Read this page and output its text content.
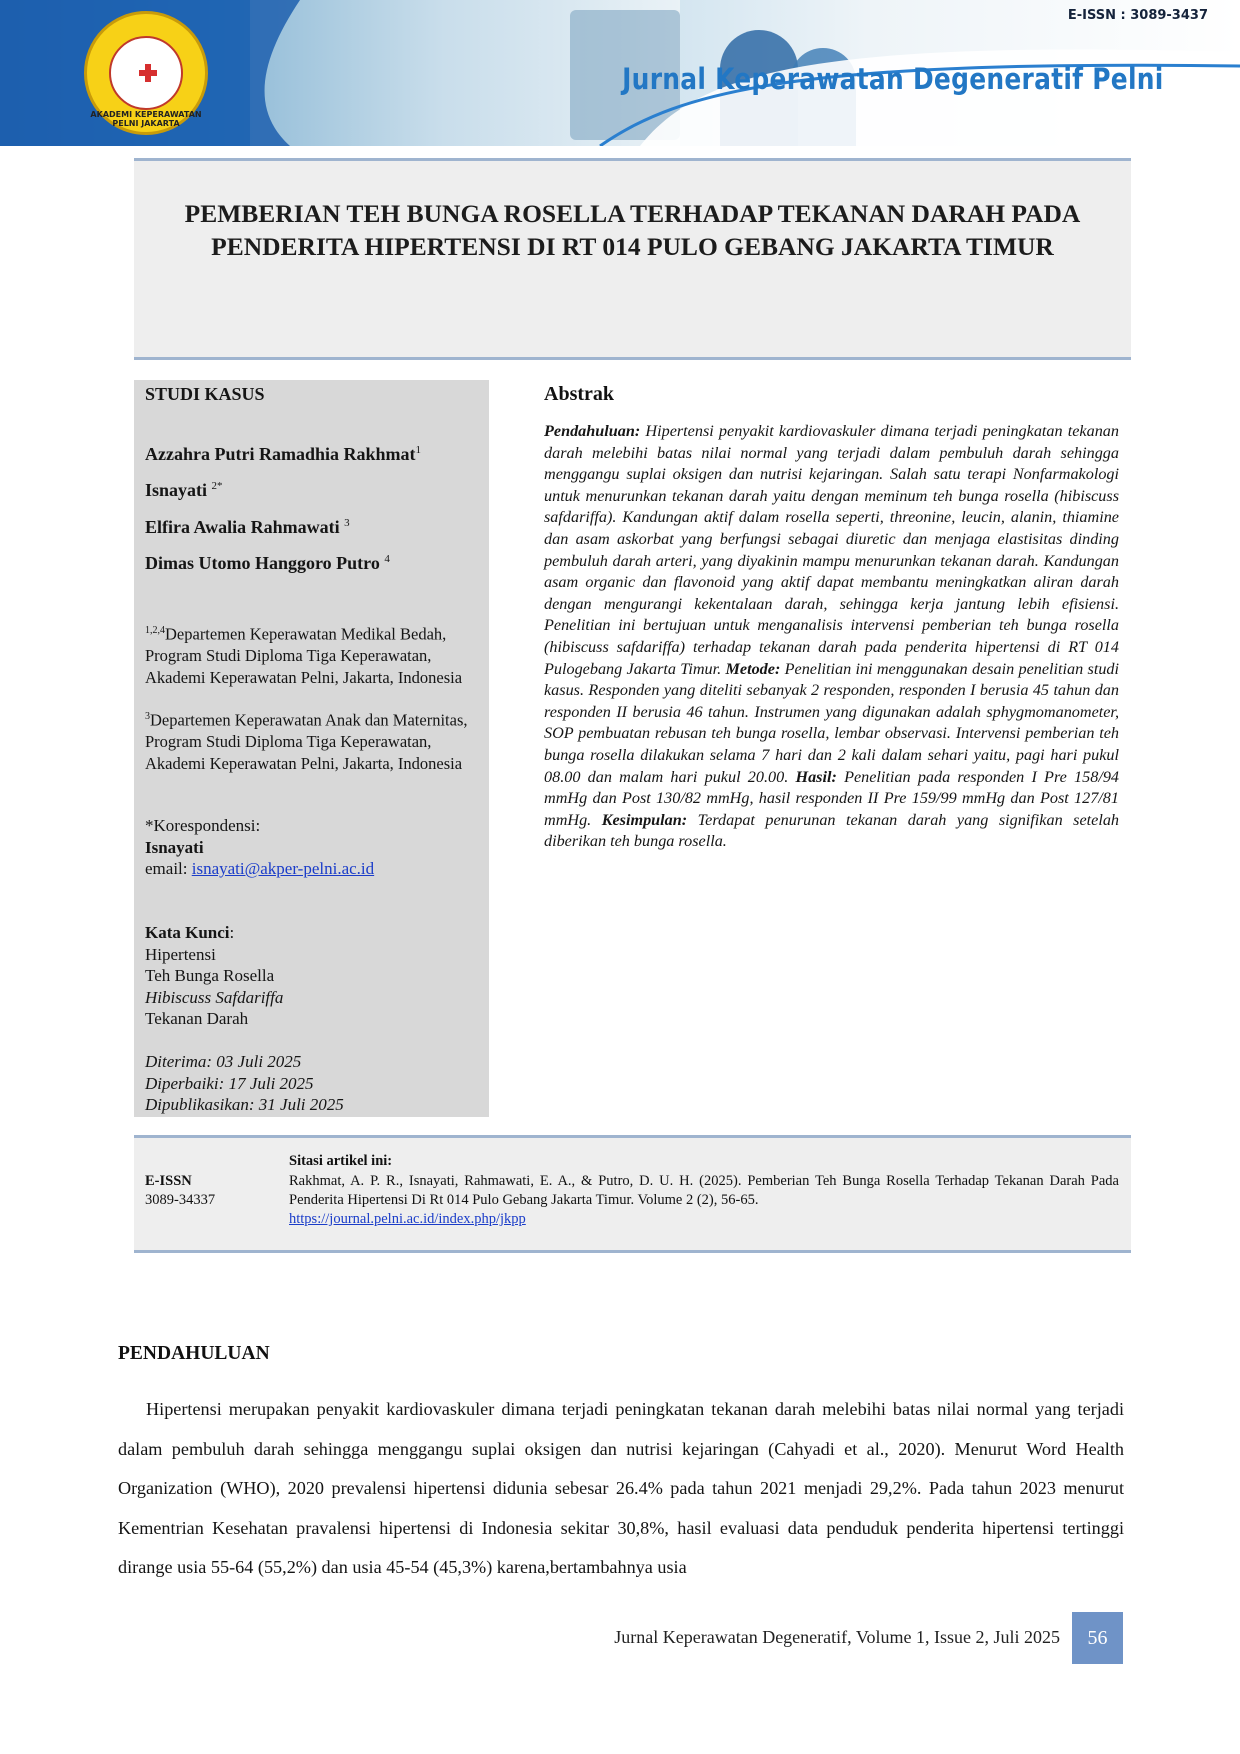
AKADEMI KEPERAWATAN PELNI JAKARTA
E-ISSN : 3089-3437
Jurnal Keperawatan Degeneratif Pelni
PEMBERIAN TEH BUNGA ROSELLA TERHADAP TEKANAN DARAH PADA PENDERITA HIPERTENSI DI RT 014 PULO GEBANG JAKARTA TIMUR
STUDI KASUS
Azzahra Putri Ramadhia Rakhmat$^1$
Isnayati $^{2*}$
Elfira Awalia Rahmawati $^3$
Dimas Utomo Hanggoro Putro $^4$
$^{1,2,4}$Departemen Keperawatan Medikal Bedah, Program Studi Diploma Tiga Keperawatan, Akademi Keperawatan Pelni, Jakarta, Indonesia
$^3$Departemen Keperawatan Anak dan Maternitas, Program Studi Diploma Tiga Keperawatan, Akademi Keperawatan Pelni, Jakarta, Indonesia
*Korespondensi:
Isnayati
email: isnayati@akper-pelni.ac.id
Kata Kunci:
Hipertensi
Teh Bunga Rosella
Hibiscuss Safdariffa
Tekanan Darah
Diterima: 03 Juli 2025
Diperbaiki: 17 Juli 2025
Dipublikasikan: 31 Juli 2025
Abstrak
Pendahuluan: Hipertensi penyakit kardiovaskuler dimana terjadi peningkatan tekanan darah melebihi batas nilai normal yang terjadi dalam pembuluh darah sehingga menggangu suplai oksigen dan nutrisi kejaringan. Salah satu terapi Nonfarmakologi untuk menurunkan tekanan darah yaitu dengan meminum teh bunga rosella (hibiscuss safdariffa). Kandungan aktif dalam rosella seperti, threonine, leucin, alanin, thiamine dan asam askorbat yang berfungsi sebagai diuretic dan menjaga elastisitas dinding pembuluh darah arteri, yang diyakinin mampu menurunkan tekanan darah. Kandungan asam organic dan flavonoid yang aktif dapat membantu meningkatkan aliran darah dengan mengurangi kekentalaan darah, sehingga kerja jantung lebih efisiensi. Penelitian ini bertujuan untuk menganalisis intervensi pemberian teh bunga rosella (hibiscuss safdariffa) terhadap tekanan darah pada penderita hipertensi di RT 014 Pulogebang Jakarta Timur. Metode: Penelitian ini menggunakan desain penelitian studi kasus. Responden yang diteliti sebanyak 2 responden, responden I berusia 45 tahun dan responden II berusia 46 tahun. Instrumen yang digunakan adalah sphygmomanometer, SOP pembuatan rebusan teh bunga rosella, lembar observasi. Intervensi pemberian teh bunga rosella dilakukan selama 7 hari dan 2 kali dalam sehari yaitu, pagi hari pukul 08.00 dan malam hari pukul 20.00. Hasil: Penelitian pada responden I Pre 158/94 mmHg dan Post 130/82 mmHg, hasil responden II Pre 159/99 mmHg dan Post 127/81 mmHg. Kesimpulan: Terdapat penurunan tekanan darah yang signifikan setelah diberikan teh bunga rosella.
E-ISSN
3089-34337
Sitasi artikel ini:
Rakhmat, A. P. R., Isnayati, Rahmawati, E. A., & Putro, D. U. H. (2025). Pemberian Teh Bunga Rosella Terhadap Tekanan Darah Pada Penderita Hipertensi Di Rt 014 Pulo Gebang Jakarta Timur. Volume 2 (2), 56-65.
https://journal.pelni.ac.id/index.php/jkpp
PENDAHULUAN
Hipertensi merupakan penyakit kardiovaskuler dimana terjadi peningkatan tekanan darah melebihi batas nilai normal yang terjadi dalam pembuluh darah sehingga menggangu suplai oksigen dan nutrisi kejaringan (Cahyadi et al., 2020). Menurut Word Health Organization (WHO), 2020 prevalensi hipertensi didunia sebesar 26.4% pada tahun 2021 menjadi 29,2%. Pada tahun 2023 menurut Kementrian Kesehatan pravalensi hipertensi di Indonesia sekitar 30,8%, hasil evaluasi data penduduk penderita hipertensi tertinggi dirange usia 55-64 (55,2%) dan usia 45-54 (45,3%) karena,bertambahnya usia
Jurnal Keperawatan Degeneratif, Volume 1, Issue 2, Juli 2025	56
